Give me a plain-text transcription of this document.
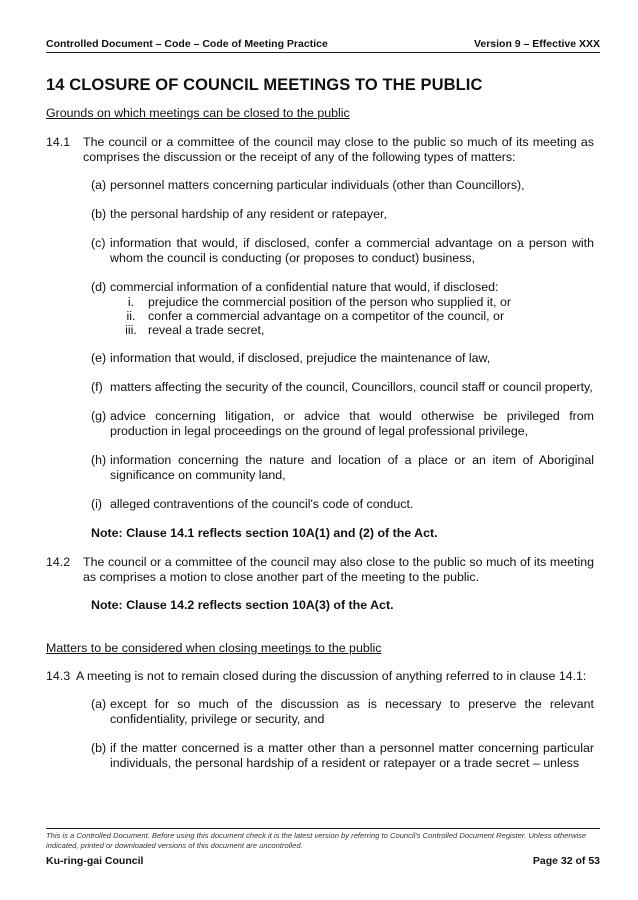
Controlled Document – Code – Code of Meeting Practice	Version 9 – Effective XXX
14 CLOSURE OF COUNCIL MEETINGS TO THE PUBLIC
Grounds on which meetings can be closed to the public
14.1	The council or a committee of the council may close to the public so much of its meeting as comprises the discussion or the receipt of any of the following types of matters:
(a) personnel matters concerning particular individuals (other than Councillors),
(b) the personal hardship of any resident or ratepayer,
(c) information that would, if disclosed, confer a commercial advantage on a person with whom the council is conducting (or proposes to conduct) business,
(d) commercial information of a confidential nature that would, if disclosed:
i.	prejudice the commercial position of the person who supplied it, or
ii.	confer a commercial advantage on a competitor of the council, or
iii. reveal a trade secret,
(e) information that would, if disclosed, prejudice the maintenance of law,
(f) matters affecting the security of the council, Councillors, council staff or council property,
(g) advice concerning litigation, or advice that would otherwise be privileged from production in legal proceedings on the ground of legal professional privilege,
(h) information concerning the nature and location of a place or an item of Aboriginal significance on community land,
(i) alleged contraventions of the council's code of conduct.
Note: Clause 14.1 reflects section 10A(1) and (2) of the Act.
14.2	The council or a committee of the council may also close to the public so much of its meeting as comprises a motion to close another part of the meeting to the public.
Note: Clause 14.2 reflects section 10A(3) of the Act.
Matters to be considered when closing meetings to the public
14.3 A meeting is not to remain closed during the discussion of anything referred to in clause 14.1:
(a) except for so much of the discussion as is necessary to preserve the relevant confidentiality, privilege or security, and
(b) if the matter concerned is a matter other than a personnel matter concerning particular individuals, the personal hardship of a resident or ratepayer or a trade secret – unless
This is a Controlled Document. Before using this document check it is the latest version by referring to Council's Controlled Document Register. Unless otherwise indicated, printed or downloaded versions of this document are uncontrolled.
Ku-ring-gai Council	Page 32 of 53
